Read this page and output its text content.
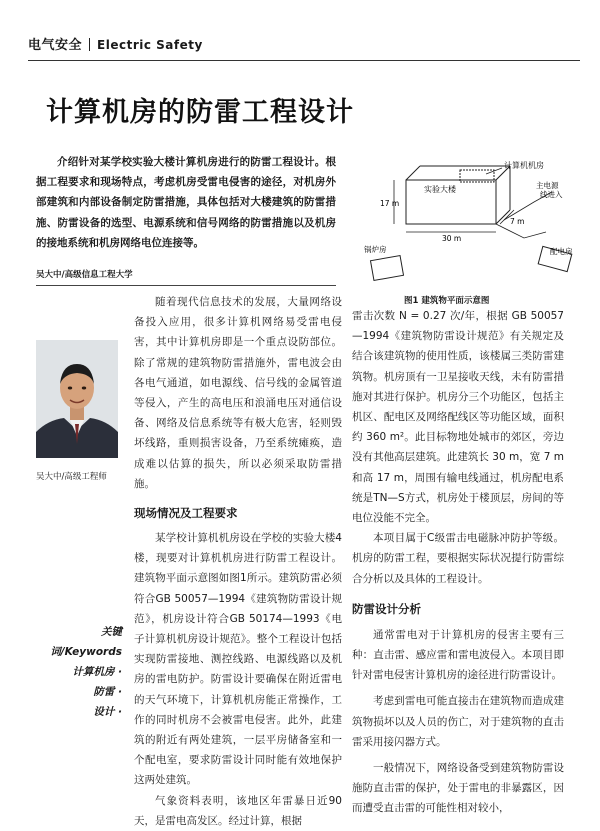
电气安全 Electric Safety
计算机房的防雷工程设计

介绍针对某学校实验大楼计算机房进行的防雷工程设计。根据工程要求和现场特点，考虑机房受雷电侵害的途径，对机房外部建筑和内部设备制定防雷措施，具体包括对大楼建筑的防雷措施、防雷设备的选型、电源系统和信号网络的防雷措施以及机房的接地系统和机房网络电位连接等。

吴大中/高级信息工程大学
吴大中/高级工程师
关键词/Keywords
计算机房 ·
防雷 ·
设计 ·

随着现代信息技术的发展，大量网络设备投入应用，很多计算机网络易受雷电侵害，其中计算机房即是一个重点设防部位。除了常规的建筑物防雷措施外，雷电波会由各电气通道，如电源线、信号线的金属管道等侵入，产生的高电压和浪涌电压对通信设备、网络及信息系统等有极大危害，轻则毁坏线路，重则损害设备，乃至系统瘫痪，造成难以估算的损失，所以必须采取防雷措施。

现场情况及工程要求

某学校计算机机房设在学校的实验大楼4楼，现要对计算机机房进行防雷工程设计。建筑物平面示意图如图1所示。建筑防雷必须符合GB 50057—1994《建筑物防雷设计规范》，机房设计符合GB 50174—1993《电子计算机机房设计规范》。整个工程设计包括实现防雷接地、测控线路、电源线路以及机房的雷电防护。防雷设计要确保在附近雷电的天气环境下，计算机机房能正常操作，工作的同时机房不会被雷电侵害。此外，此建筑的附近有两处建筑，一层平房储备室和一个配电室，要求防雷设计同时能有效地保护这两处建筑。

气象资料表明，该地区年雷暴日近90天，是雷电高发区。经过计算，根据

实验大楼
计算机机房
17 m
30 m
7 m
锅炉房
主电源线进入
配电房
图1 建筑物平面示意图

雷击次数 N = 0.27 次/年，根据 GB 50057—1994《建筑物防雷设计规范》有关规定及结合该建筑物的使用性质，该楼属三类防雷建筑物。机房顶有一卫星接收天线，未有防雷措施对其进行保护。机房分三个功能区，包括主机区、配电区及网络配线区等功能区域，面积约 360 m²。此目标物地处城市的郊区，旁边没有其他高层建筑。此建筑长 30 m，宽 7 m 和高 17 m，周围有输电线通过，机房配电系统是TN—S方式，机房处于楼顶层，房间的等电位没能不完全。

本项目属于C级雷击电磁脉冲防护等级。机房的防雷工程，要根据实际状况提行防雷综合分析以及具体的工程设计。

防雷设计分析

通常雷电对于计算机房的侵害主要有三种：直击雷、感应雷和雷电波侵入。本项目即针对雷电侵害计算机房的途径进行防雷设计。

考虑到雷电可能直接击在建筑物而造成建筑物损坏以及人员的伤亡，对于建筑物的直击雷采用接闪器方式。

一般情况下，网络设备受到建筑物防雷设施防直击雷的保护，处于雷电的非暴露区，因而遭受直击雷的可能性相对较小，
